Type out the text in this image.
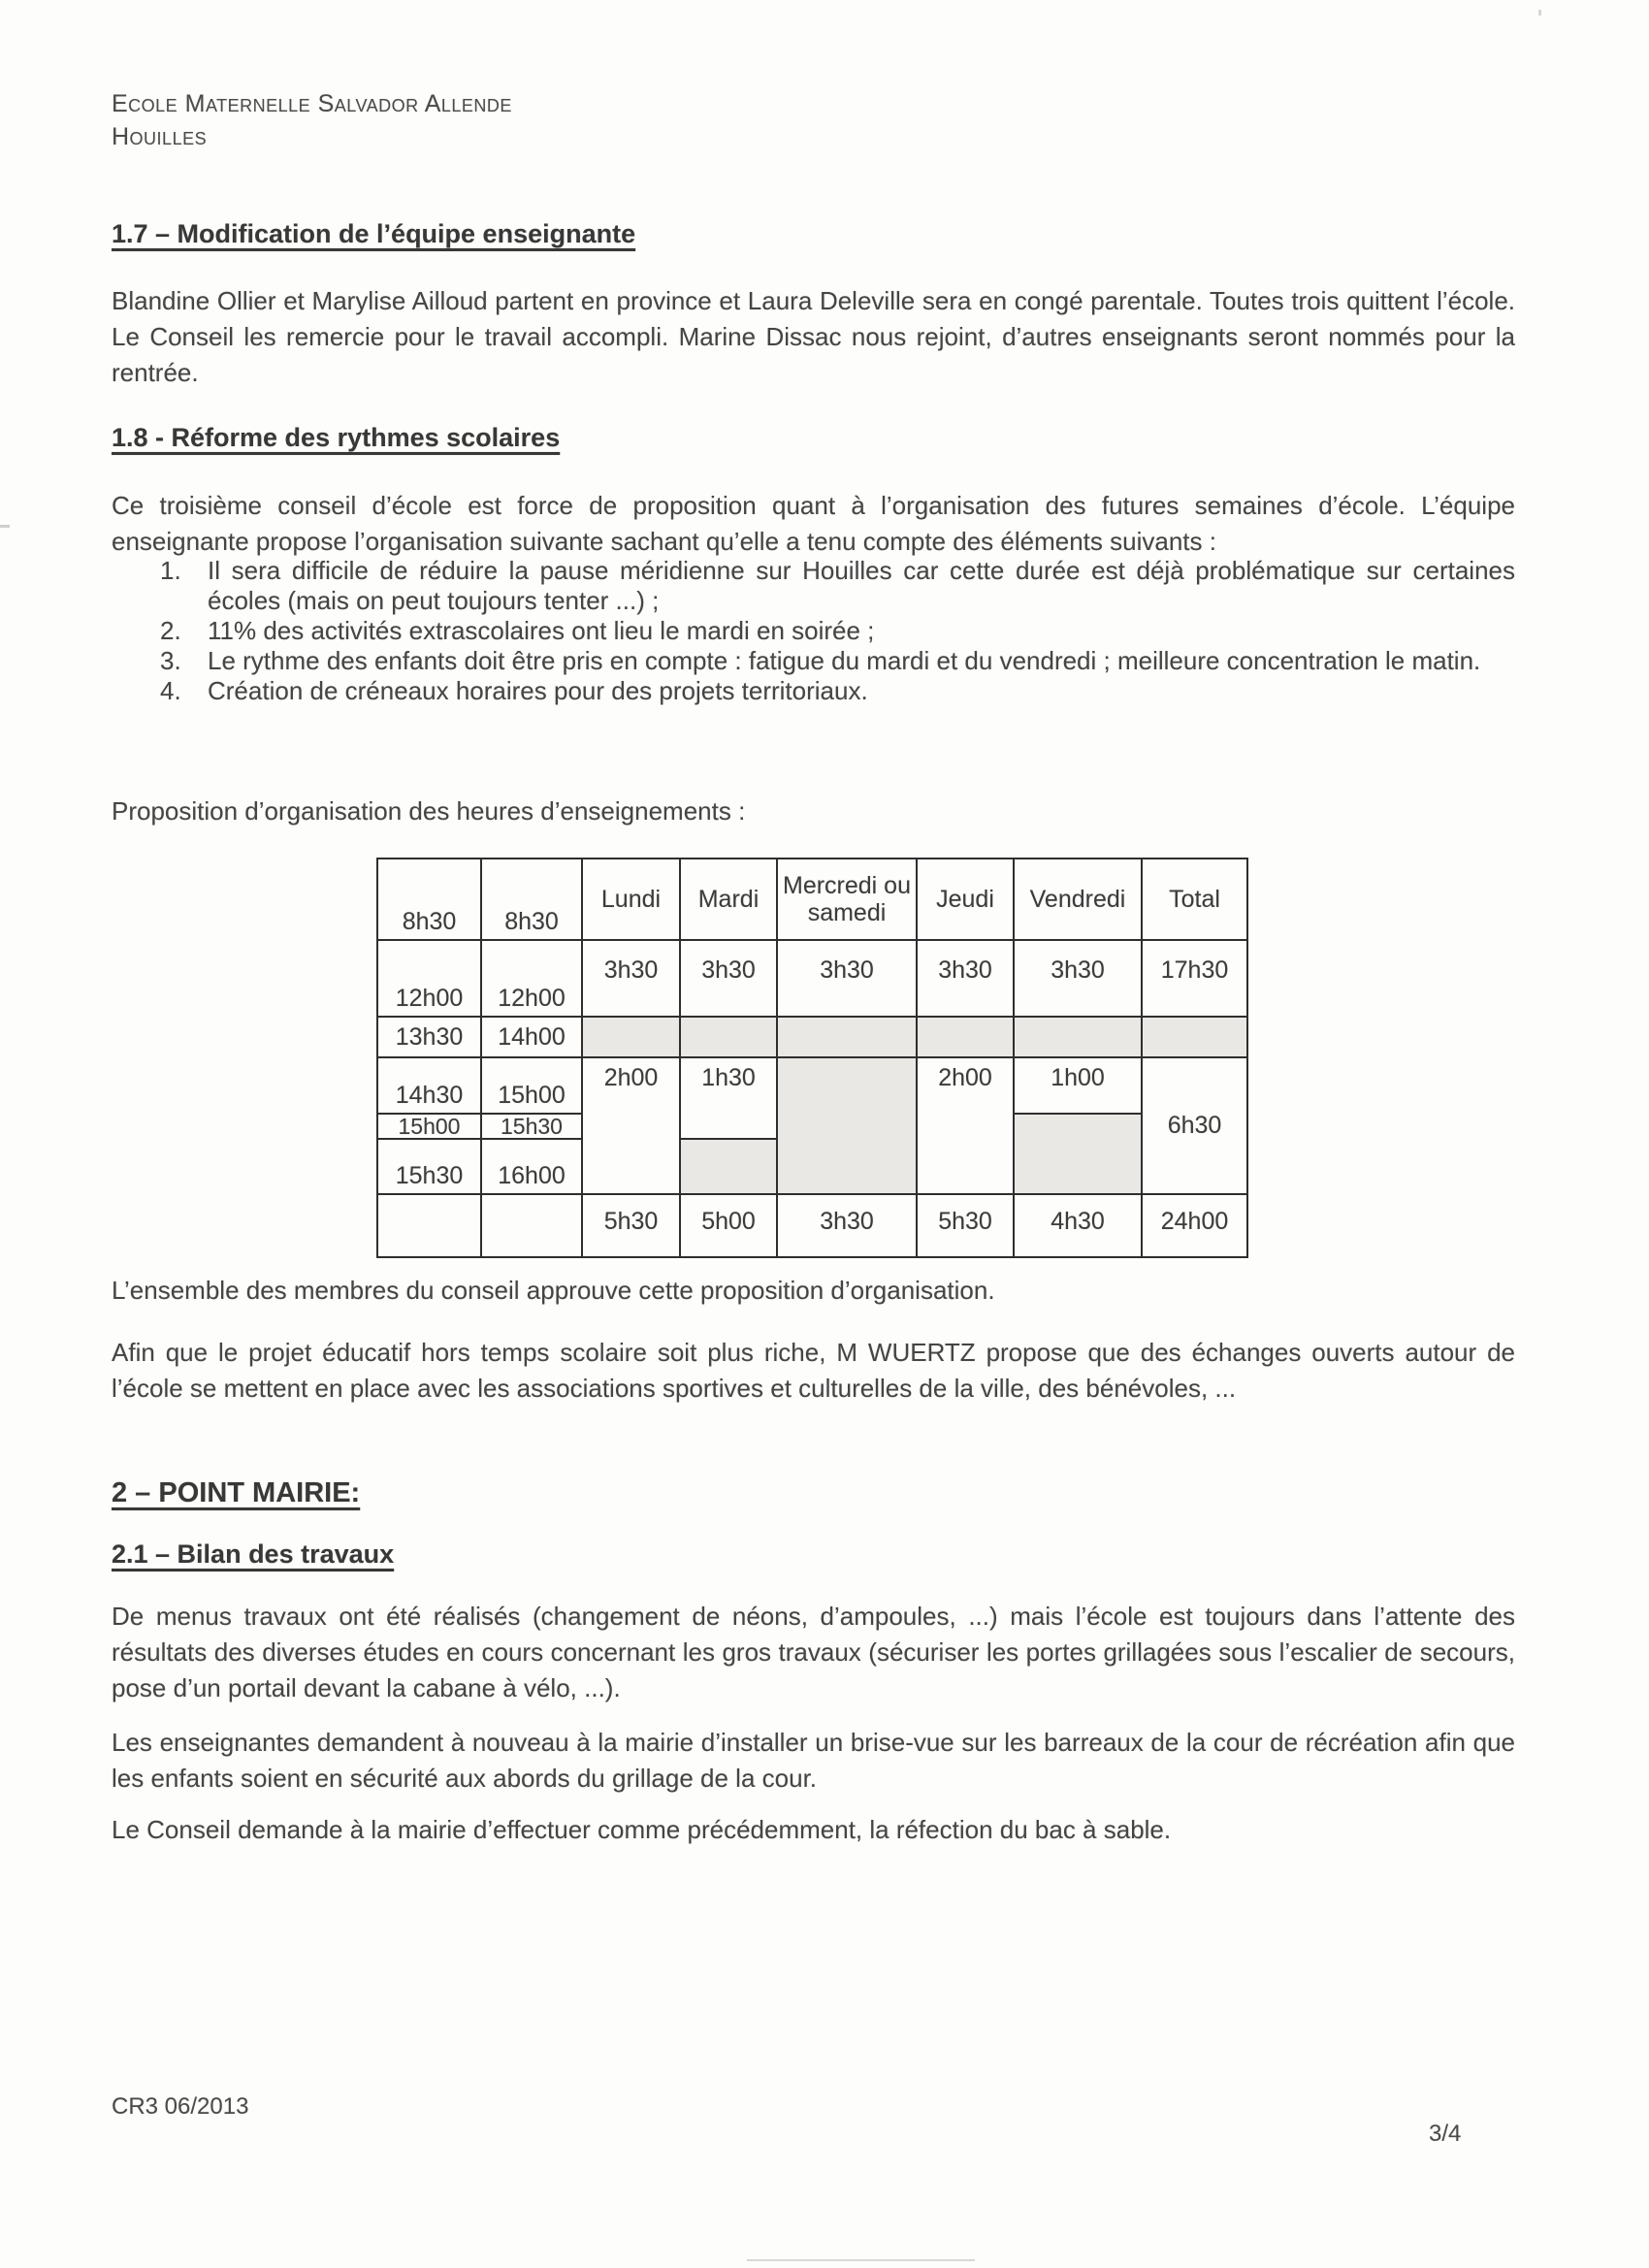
Ecole Maternelle Salvador Allende
Houilles
1.7 – Modification de l’équipe enseignante

Blandine Ollier et Marylise Ailloud partent en province et Laura Deleville sera en congé parentale. Toutes trois quittent l’école. Le Conseil les remercie pour le travail accompli. Marine Dissac nous rejoint, d’autres enseignants seront nommés pour la rentrée.

1.8 - Réforme des rythmes scolaires

Ce troisième conseil d’école est force de proposition quant à l’organisation des futures semaines d’école. L’équipe enseignante propose l’organisation suivante sachant qu’elle a tenu compte des éléments suivants :

1. Il sera difficile de réduire la pause méridienne sur Houilles car cette durée est déjà problématique sur certaines écoles (mais on peut toujours tenter ...) ;
2. 11% des activités extrascolaires ont lieu le mardi en soirée ;
3. Le rythme des enfants doit être pris en compte : fatigue du mardi et du vendredi ; meilleure concentration le matin.
4. Création de créneaux horaires pour des projets territoriaux.

Proposition d’organisation des heures d’enseignements :

8h30	8h30	Lundi	Mardi	Mercredi ou samedi	Jeudi	Vendredi	Total
12h00	12h00	3h30	3h30	3h30	3h30	3h30	17h30
13h30	14h00						
14h30	15h00	2h00	1h30		2h00	1h00	6h30
15h00	15h30						
15h30	16h00						
		5h30	5h00	3h30	5h30	4h30	24h00

L’ensemble des membres du conseil approuve cette proposition d’organisation.

Afin que le projet éducatif hors temps scolaire soit plus riche, M WUERTZ propose que des échanges ouverts autour de l’école se mettent en place avec les associations sportives et culturelles de la ville, des bénévoles, ...

2 – POINT MAIRIE:
2.1 – Bilan des travaux

De menus travaux ont été réalisés (changement de néons, d’ampoules, ...) mais l’école est toujours dans l’attente des résultats des diverses études en cours concernant les gros travaux (sécuriser les portes grillagées sous l’escalier de secours, pose d’un portail devant la cabane à vélo, ...).

Les enseignantes demandent à nouveau à la mairie d’installer un brise-vue sur les barreaux de la cour de récréation afin que les enfants soient en sécurité aux abords du grillage de la cour.

Le Conseil demande à la mairie d’effectuer comme précédemment, la réfection du bac à sable.

CR3 06/2013
3/4
